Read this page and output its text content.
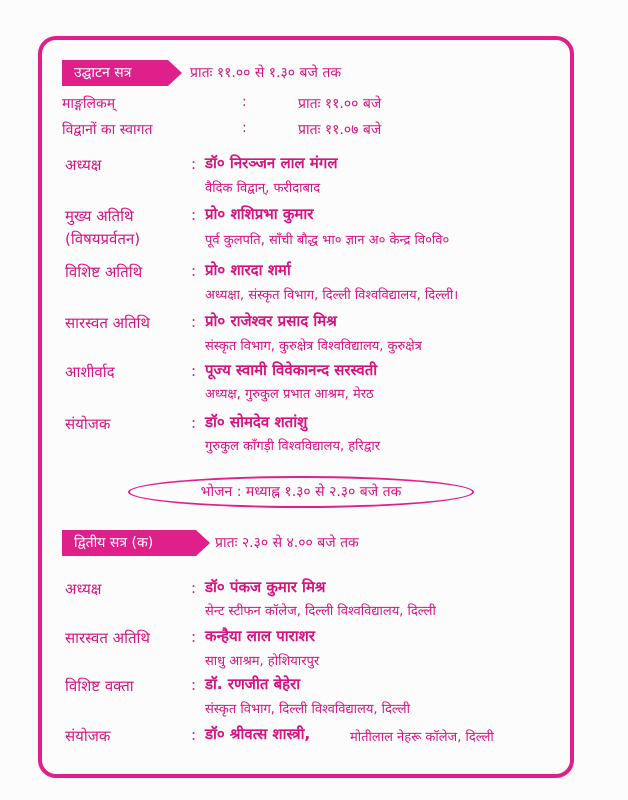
उद्घाटन सत्र	प्रातः ११.०० से १.३० बजे तक
माङ्गलिकम्	:	प्रातः ११.०० बजे
विद्वानों का स्वागत	:	प्रातः ११.०७ बजे
अध्यक्ष	: डॉ० निरञ्जन लाल मंगल
वैदिक विद्वान्, फरीदाबाद
मुख्य अतिथि
(विषयप्रर्वतन)
: प्रो० शशिप्रभा कुमार
पूर्व कुलपति, साँची बौद्ध भा० ज्ञान अ० केन्द्र वि०वि०
विशिष्ट अतिथि	: प्रो० शारदा शर्मा
अध्यक्षा, संस्कृत विभाग, दिल्ली विश्वविद्यालय, दिल्ली।
सारस्वत अतिथि	: प्रो० राजेश्वर प्रसाद मिश्र
संस्कृत विभाग, कुरुक्षेत्र विश्वविद्यालय, कुरुक्षेत्र
आशीर्वाद	: पूज्य स्वामी विवेकानन्द सरस्वती
अध्यक्ष, गुरुकुल प्रभात आश्रम, मेरठ
संयोजक	: डॉ० सोमदेव शतांशु
गुरुकुल काँगड़ी विश्वविद्यालय, हरिद्वार
भोजन : मध्याह्न १.३० से २.३० बजे तक
द्वितीय सत्र (क)	प्रातः २.३० से ४.०० बजे तक
अध्यक्ष	: डॉ० पंकज कुमार मिश्र
सेन्ट स्टीफन कॉलेज, दिल्ली विश्वविद्यालय, दिल्ली
सारस्वत अतिथि	: कन्हैया लाल पाराशर
साधु आश्रम, होशियारपुर
विशिष्ट वक्ता	: डॉ. रणजीत बेहेरा
संस्कृत विभाग, दिल्ली विश्वविद्यालय, दिल्ली
संयोजक	: डॉ० श्रीवत्स शास्त्री,	मोतीलाल नेहरू कॉलेज, दिल्ली
